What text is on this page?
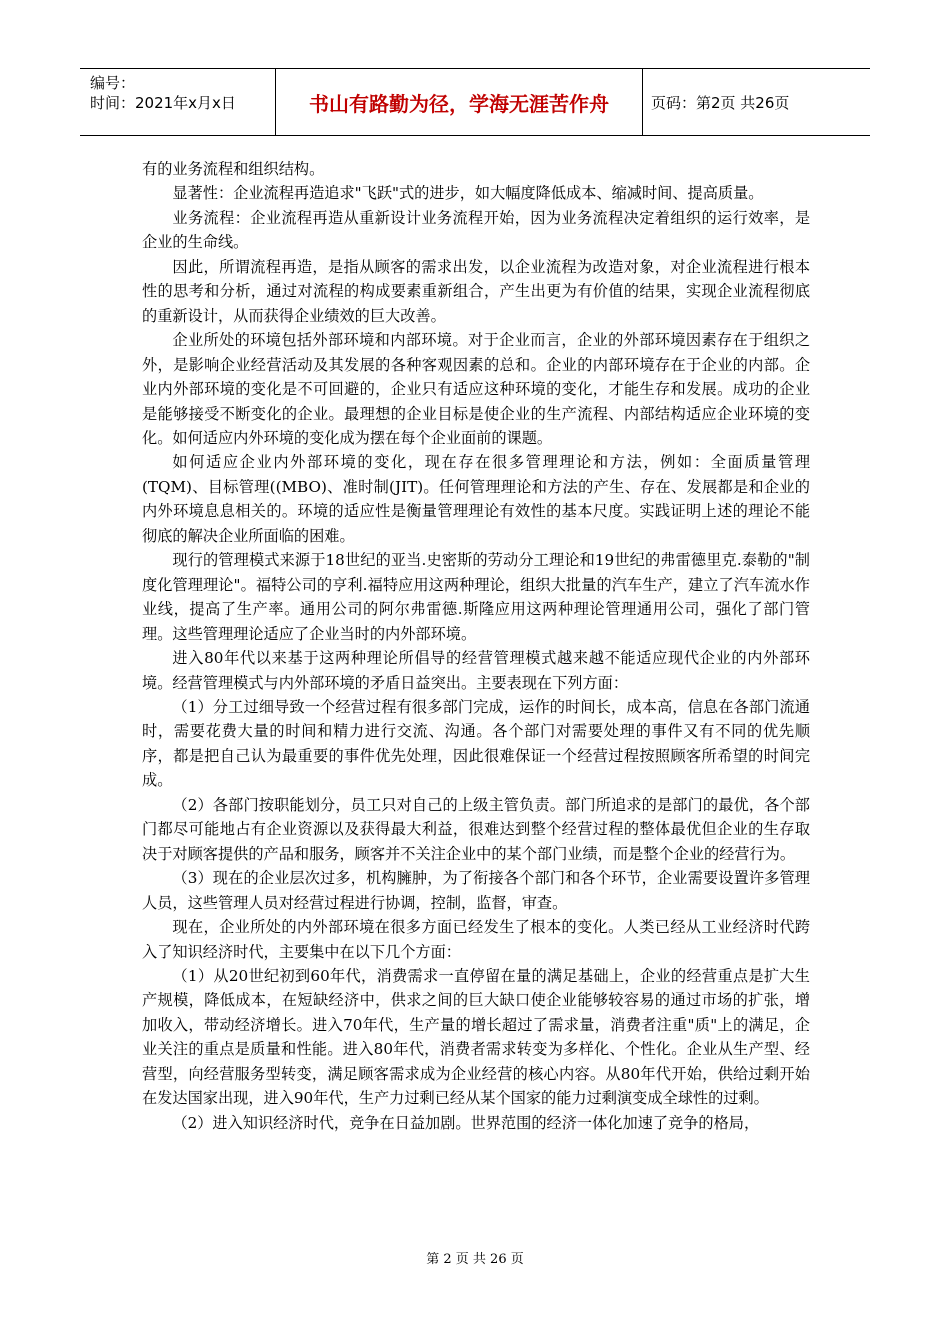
编号：
时间：2021年x月x日	书山有路勤为径，学海无涯苦作舟	页码：第2页 共26页

有的业务流程和组织结构。

显著性：企业流程再造追求"飞跃"式的进步，如大幅度降低成本、缩减时间、提高质量。

业务流程：企业流程再造从重新设计业务流程开始，因为业务流程决定着组织的运行效率，是企业的生命线。

因此，所谓流程再造，是指从顾客的需求出发，以企业流程为改造对象，对企业流程进行根本性的思考和分析，通过对流程的构成要素重新组合，产生出更为有价值的结果，实现企业流程彻底的重新设计，从而获得企业绩效的巨大改善。

企业所处的环境包括外部环境和内部环境。对于企业而言，企业的外部环境因素存在于组织之外，是影响企业经营活动及其发展的各种客观因素的总和。企业的内部环境存在于企业的内部。企业内外部环境的变化是不可回避的，企业只有适应这种环境的变化，才能生存和发展。成功的企业是能够接受不断变化的企业。最理想的企业目标是使企业的生产流程、内部结构适应企业环境的变化。如何适应内外环境的变化成为摆在每个企业面前的课题。

如何适应企业内外部环境的变化，现在存在很多管理理论和方法，例如：全面质量管理(TQM)、目标管理((MBO)、准时制(JIT)。任何管理理论和方法的产生、存在、发展都是和企业的内外环境息息相关的。环境的适应性是衡量管理理论有效性的基本尺度。实践证明上述的理论不能彻底的解决企业所面临的困难。

现行的管理模式来源于18世纪的亚当.史密斯的劳动分工理论和19世纪的弗雷德里克.泰勒的"制度化管理理论"。福特公司的亨利.福特应用这两种理论，组织大批量的汽车生产，建立了汽车流水作业线，提高了生产率。通用公司的阿尔弗雷德.斯隆应用这两种理论管理通用公司，强化了部门管理。这些管理理论适应了企业当时的内外部环境。

进入80年代以来基于这两种理论所倡导的经营管理模式越来越不能适应现代企业的内外部环境。经营管理模式与内外部环境的矛盾日益突出。主要表现在下列方面：

（1）分工过细导致一个经营过程有很多部门完成，运作的时间长，成本高，信息在各部门流通时，需要花费大量的时间和精力进行交流、沟通。各个部门对需要处理的事件又有不同的优先顺序，都是把自己认为最重要的事件优先处理，因此很难保证一个经营过程按照顾客所希望的时间完成。

（2）各部门按职能划分，员工只对自己的上级主管负责。部门所追求的是部门的最优，各个部门都尽可能地占有企业资源以及获得最大利益，很难达到整个经营过程的整体最优但企业的生存取决于对顾客提供的产品和服务，顾客并不关注企业中的某个部门业绩，而是整个企业的经营行为。

（3）现在的企业层次过多，机构臃肿，为了衔接各个部门和各个环节，企业需要设置许多管理人员，这些管理人员对经营过程进行协调，控制，监督，审查。

现在，企业所处的内外部环境在很多方面已经发生了根本的变化。人类已经从工业经济时代跨入了知识经济时代，主要集中在以下几个方面：

（1）从20世纪初到60年代，消费需求一直停留在量的满足基础上，企业的经营重点是扩大生产规模，降低成本，在短缺经济中，供求之间的巨大缺口使企业能够较容易的通过市场的扩张，增加收入，带动经济增长。进入70年代，生产量的增长超过了需求量，消费者注重"质"上的满足，企业关注的重点是质量和性能。进入80年代，消费者需求转变为多样化、个性化。企业从生产型、经营型，向经营服务型转变，满足顾客需求成为企业经营的核心内容。从80年代开始，供给过剩开始在发达国家出现，进入90年代，生产力过剩已经从某个国家的能力过剩演变成全球性的过剩。

（2）进入知识经济时代，竞争在日益加剧。世界范围的经济一体化加速了竞争的格局，

第 2 页 共 26 页
